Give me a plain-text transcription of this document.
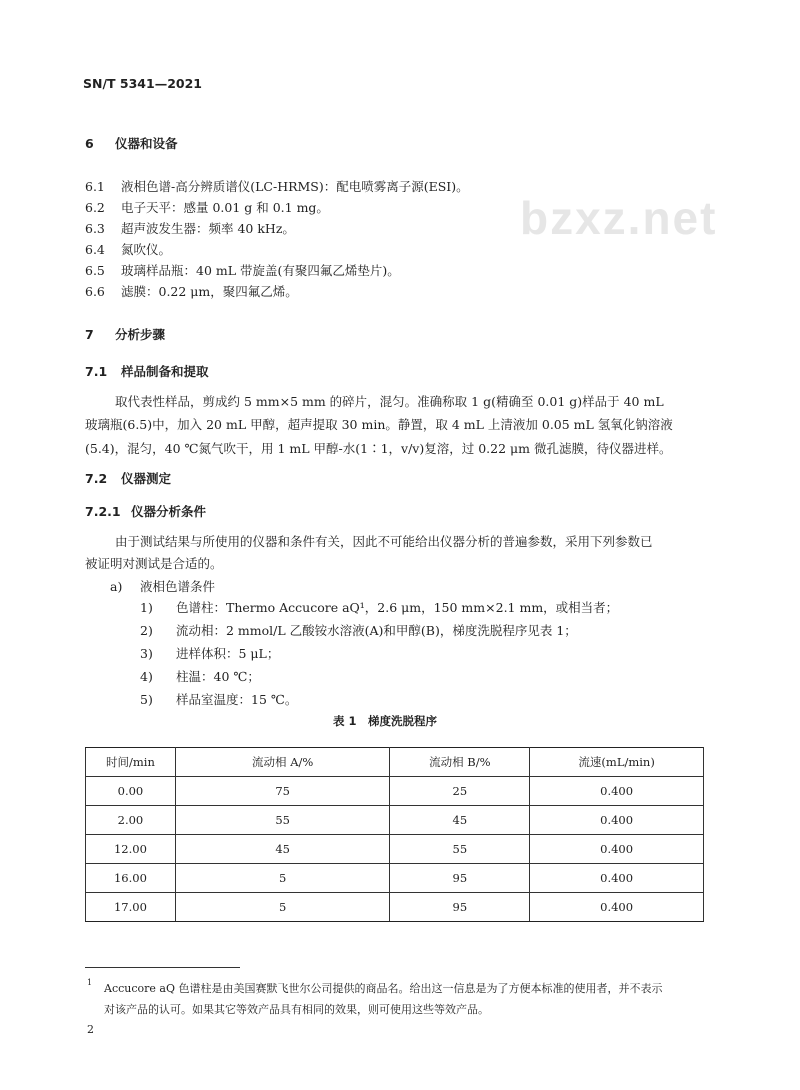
bzxz.net
SN/T 5341—2021
6 仪器和设备
6.1 液相色谱-高分辨质谱仪(LC-HRMS)：配电喷雾离子源(ESI)。
6.2 电子天平：感量 0.01 g 和 0.1 mg。
6.3 超声波发生器：频率 40 kHz。
6.4 氮吹仪。
6.5 玻璃样品瓶：40 mL 带旋盖(有聚四氟乙烯垫片)。
6.6 滤膜：0.22 μm，聚四氟乙烯。
7 分析步骤
7.1 样品制备和提取
取代表性样品，剪成约 5 mm×5 mm 的碎片，混匀。准确称取 1 g(精确至 0.01 g)样品于 40 mL
玻璃瓶(6.5)中，加入 20 mL 甲醇，超声提取 30 min。静置，取 4 mL 上清液加 0.05 mL 氢氧化钠溶液
(5.4)，混匀，40 ℃氮气吹干，用 1 mL 甲醇-水(1∶1，v/v)复溶，过 0.22 μm 微孔滤膜，待仪器进样。
7.2 仪器测定
7.2.1 仪器分析条件
由于测试结果与所使用的仪器和条件有关，因此不可能给出仪器分析的普遍参数，采用下列参数已
被证明对测试是合适的。
a) 液相色谱条件
1) 色谱柱：Thermo Accucore aQ¹，2.6 μm，150 mm×2.1 mm，或相当者；
2) 流动相：2 mmol/L 乙酸铵水溶液(A)和甲醇(B)，梯度洗脱程序见表 1；
3) 进样体积：5 μL；
4) 柱温：40 ℃；
5) 样品室温度：15 ℃。
表 1　梯度洗脱程序
时间/min	流动相 A/%	流动相 B/%	流速(mL/min)
0.00	75	25	0.400
2.00	55	45	0.400
12.00	45	55	0.400
16.00	5	95	0.400
17.00	5	95	0.400
1 Accucore aQ 色谱柱是由美国赛默飞世尔公司提供的商品名。给出这一信息是为了方便本标准的使用者，并不表示
对该产品的认可。如果其它等效产品具有相同的效果，则可使用这些等效产品。
2
